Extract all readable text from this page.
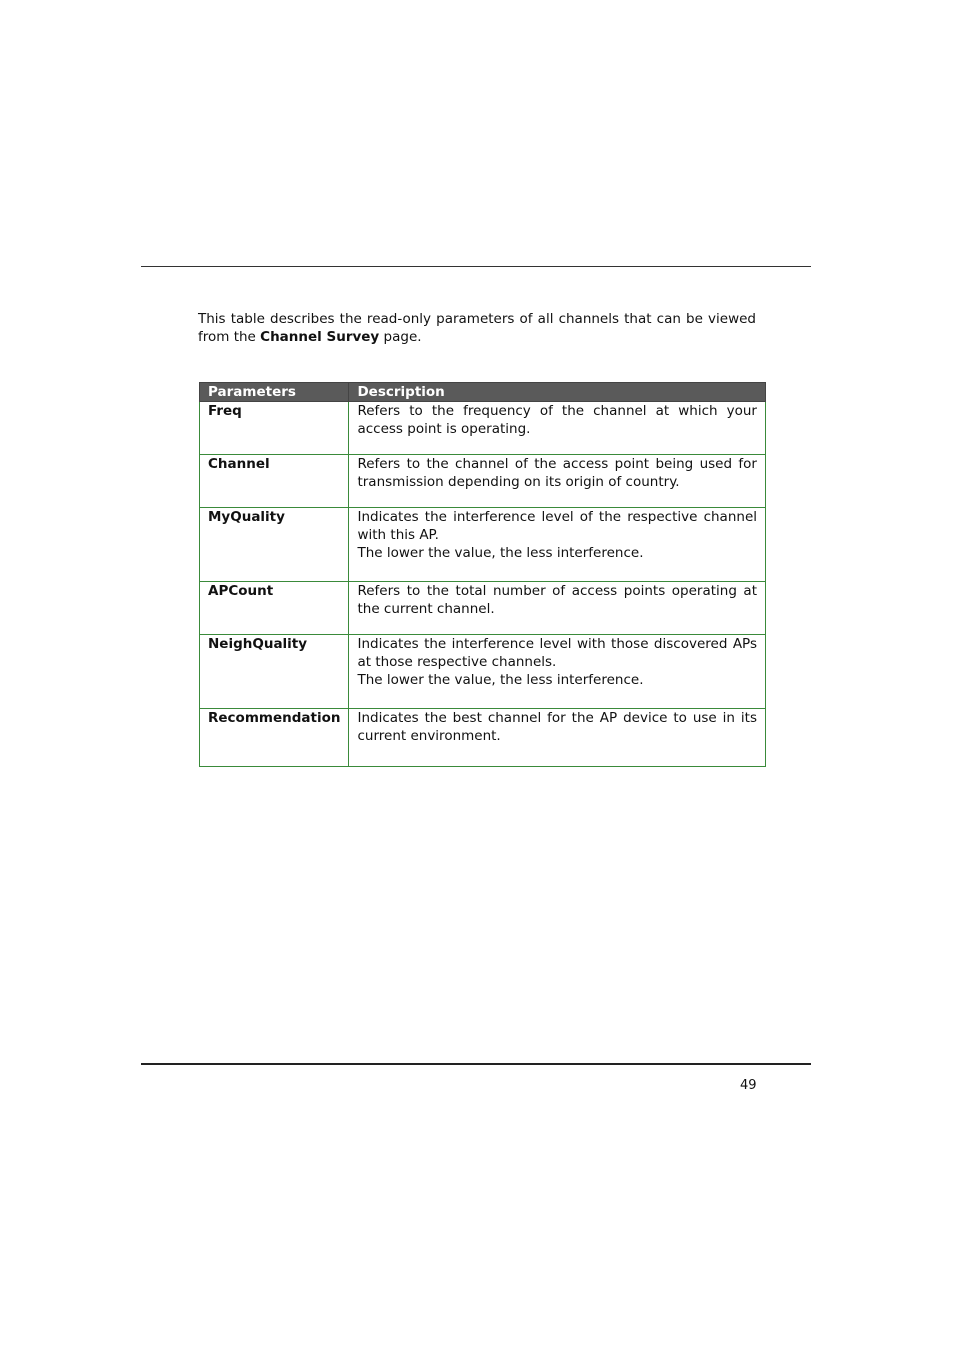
This table describes the read-only parameters of all channels that can be viewed from the Channel Survey page.

Parameters	Description
Freq	Refers to the frequency of the channel at which your access point is operating.

Channel	Refers to the channel of the access point being used for transmission depending on its origin of country.

MyQuality	Indicates the interference level of the respective channel with this AP.
The lower the value, the less interference.

APCount	Refers to the total number of access points operating at the current channel.

NeighQuality	Indicates the interference level with those discovered APs at those respective channels.
The lower the value, the less interference.

Recommendation	Indicates the best channel for the AP device to use in its current environment.
49
